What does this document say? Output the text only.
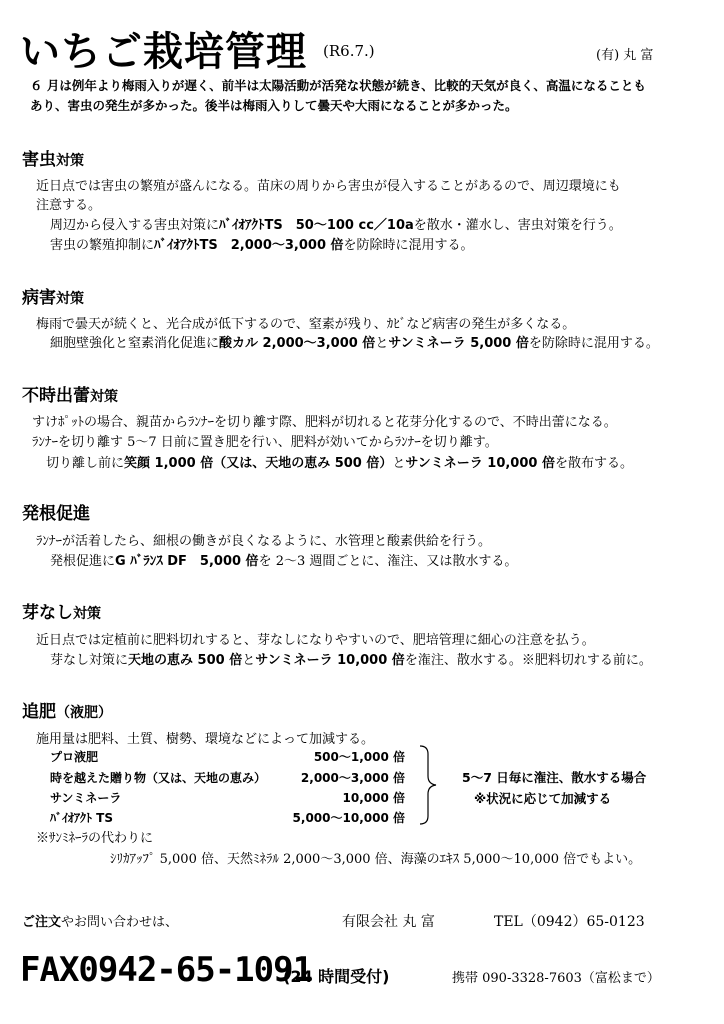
いちご栽培管理 (R6.7.)	(有) 丸 富
６ 月は例年より梅雨入りが遅く、前半は太陽活動が活発な状態が続き、比較的天気が良く、高温になることも
あり、害虫の発生が多かった。後半は梅雨入りして曇天や大雨になることが多かった。
害虫対策
近日点では害虫の繁殖が盛んになる。苗床の周りから害虫が侵入することがあるので、周辺環境にも
注意する。
周辺から侵入する害虫対策にﾊﾞｲｵｱｸﾄTS　50～100 cc／10aを散水・灌水し、害虫対策を行う。
害虫の繁殖抑制にﾊﾞｲｵｱｸﾄTS　2,000～3,000 倍を防除時に混用する。
病害対策
梅雨で曇天が続くと、光合成が低下するので、窒素が残り、ｶﾋﾞなど病害の発生が多くなる。
細胞壁強化と窒素消化促進に酸カル 2,000～3,000 倍とサンミネーラ 5,000 倍を防除時に混用する。
不時出蕾対策
すけﾎﾟｯﾄの場合、親苗からﾗﾝﾅｰを切り離す際、肥料が切れると花芽分化するので、不時出蕾になる。
ﾗﾝﾅｰを切り離す 5～7 日前に置き肥を行い、肥料が効いてからﾗﾝﾅｰを切り離す。
切り離し前に笑顔 1,000 倍（又は、天地の恵み 500 倍）とサンミネーラ 10,000 倍を散布する。
発根促進
ﾗﾝﾅｰが活着したら、細根の働きが良くなるように、水管理と酸素供給を行う。
発根促進にG ﾊﾞﾗﾝｽ DF　5,000 倍を 2～3 週間ごとに、潅注、又は散水する。
芽なし対策
近日点では定植前に肥料切れすると、芽なしになりやすいので、肥培管理に細心の注意を払う。
芽なし対策に天地の恵み 500 倍とサンミネーラ 10,000 倍を潅注、散水する。※肥料切れする前に。
追肥（液肥）
施用量は肥料、土質、樹勢、環境などによって加減する。
プロ液肥	500～1,000 倍
時を越えた贈り物（又は、天地の恵み）	2,000～3,000 倍
サンミネーラ	10,000 倍
ﾊﾞｲｵｱｸﾄ TS	5,000～10,000 倍
5～7 日毎に潅注、散水する場合
※状況に応じて加減する
※ｻﾝﾐﾈｰﾗの代わりに
ｼﾘｶｱｯﾌﾟ 5,000 倍、天然ﾐﾈﾗﾙ 2,000～3,000 倍、海藻のｴｷｽ 5,000～10,000 倍でもよい。
ご注文やお問い合わせは、	有限会社 丸 富	TEL（0942）65-0123
FAX0942-65-1091
(24 時間受付)	携帯 090-3328-7603（富松まで）
